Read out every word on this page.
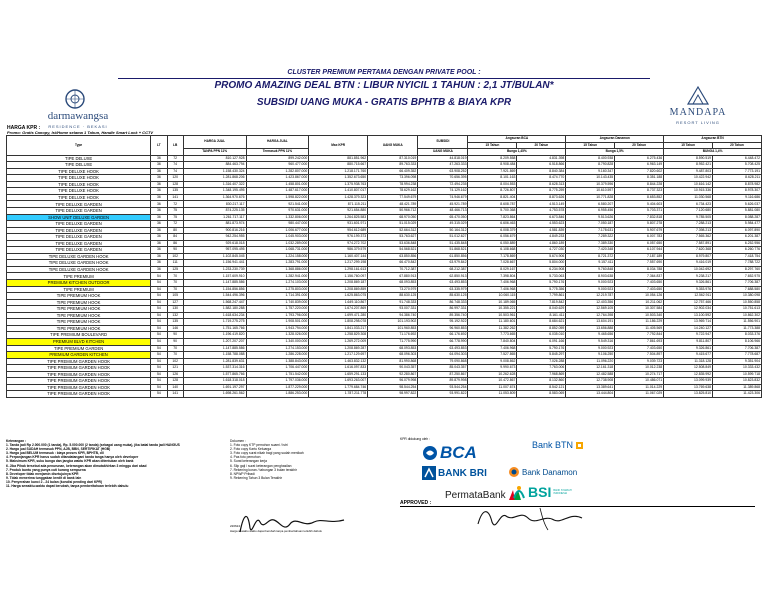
darmawangsa
RESIDENCE · BEKASI
MANDAPA
RESORT LIVING
CLUSTER PREMIUM PERTAMA DENGAN PRIVATE POOL :
PROMO AMAZING DEAL BTN : LIBUR NYICIL 1 TAHUN : 2,1 JT/BULAN*
SUBSIDI UANG MUKA - GRATIS BPHTB & BIAYA KPR
HARGA KPR :
Promo: Gratis Canopy, Isi/Home selama 1 Tahun, Handle Smart Lock + CCTV
Type	LT	LB	HARGA JUAL	HARGA JUAL	Max KPR	UANG MUKA	SUBSIDI	Angsuran BCA		Angsuran Danamon		Angsuran BTN	
								15 Tahun	20 Tahun	15 Tahun	20 Tahun	15 Tahun	20 Tahun
			TANPA PPN 11%	Termasuk PPN 11%			UANG MUKA	Bunga 1,45%		Bunga 1,5%		BUNGA 1,4%	
TIPE DELUXE	36	72	810.127.928	899.242.000	881.851.962	87.310.019	44.818.019	8.209.558	4.831.398	8.400.938	6.275.436	8.590.519	6.448.472
TIPE DELUXE	36	74	884.463.794	960.477.000	880.715.667	89.763.333	47.263.333	8.908.484	6.518.866	8.790.828	6.963.149	8.952.421	5.708.425
TIPE DELUXE HOOK	36	74	1.158.430.324	1.282.807.000	1.218.171.760	66.409.352	63.908.252	7.921.869	8.840.384	9.160.347	7.820.602	9.487.803	7.773.191
TIPE DELUXE HOOK	36	120	1.281.868.206	1.423.867.000	1.352.673.650	73.396.098	70.656.395	8.101.163	8.474.770	10.143.435	8.351.188	10.422.942	8.628.211
TIPE DELUXE HOOK	36	128	1.316.407.322	1.458.801.000	1.375.938.763	78.994.238	72.494.235	8.004.553	8.628.313	10.379.596	8.844.228	10.616.142	8.878.982
TIPE DELUXE HOOK	36	135	1.348.195.495	1.487.617.000	1.410.807.017	78.629.162	74.129.162	8.726.807	8.775.259	10.610.597	8.737.323	10.915.336	8.978.307
TIPE DELUXE HOOK	36	141	1.364.970.676	1.598.822.000	1.428.379.323	77.549.679	74.946.679	8.821.404	8.873.626	10.771.828	8.653.852	11.030.568	9.116.686
TIPE DELUXE GARDEN	36	72	830.217.117	921.541.000	871.115.211	48.421.789	45.921.789	8.608.787	4.513.149	6.580.207	5.404.603	6.734.423	5.626.037
TIPE DELUXE GARDEN	36	75	874.225.135	970.631.000	921.654.880	50.966.712	48.466.713	5.700.368	4.753.578	6.955.456	5.703.371	7.120.680	5.881.080
SHOW UNIT DELUXE GARDEN	36	75	1.261.717.117	1.332.806.000	1.264.825.583	68.970.050	65.470.050	7.823.864	6.673.846	9.513.626	7.832.818	9.785.505	8.088.287
TIPE DELUXE GARDEN	36	72	881.873.974	980.447.000	931.601.971	51.015.029	49.315.029	6.606.463	4.553.623	7.050.187	5.807.278	7.288.213	5.984.477
TIPE DELUXE GARDEN	36	80	900.816.216	1.006.677.000	954.612.689	52.664.312	50.164.312	6.008.379	4.581.839	7.178.631	5.907.679	7.398.213	6.097.890
TIPE DELUXE GARDEN	36	84	942.254.955	1.045.903.000	976.199.373	53.763.627	51.012.627	6.056.679	4.849.233	7.289.322	6.007.783	7.565.362	6.201.387
TIPE DELUXE GARDEN	36	86	929.618.018	1.032.289.000	974.272.702	53.636.848	51.435.848	6.050.889	4.860.189	7.389.330	6.057.650	7.587.891	6.252.956
TIPE DELUXE GARDEN	36	90	957.095.495	1.068.731.000	986.379.579	54.568.521	51.868.521	6.108.668	4.727.030	7.420.348	6.107.944	7.620.368	6.260.776
TIPE DELUXE GARDEN HOOK	36	102	1.102.845.045	1.224.158.000	1.160.407.144	63.850.856	61.850.856	7.178.869	5.674.906	8.721.372	7.187.189	8.979.807	7.418.754
TIPE DELUXE GARDEN HOOK	36	111	1.156.941.441	1.283.791.000	1.217.299.198	66.470.842	63.979.842	7.028.667	5.804.000	9.157.411	7.557.690	9.416.019	7.788.722
TIPE DELUXE GARDEN HOOK	36	125	1.233.230.739	1.368.886.000	1.298.161.613	70.712.387	68.212.387	8.029.167	6.234.908	9.760.848	8.034.788	10.042.692	8.297.760
TIPE PREMIUM	54	70	1.157.609.910	1.282.941.000	1.156.760.097	67.880.913	62.850.913	7.398.804	5.733.063	8.903.638	7.364.837	9.238.217	7.652.975
PREMIUM KITCHEN OUTDOOR	54	70	1.147.885.586	1.274.103.000	1.208.869.187	68.093.853	63.493.853	7.406.968	5.790.176	9.000.923	7.403.650	9.326.861	7.706.387
TIPE PREMIUM	54	70	1.154.856.856	1.275.803.000	1.208.869.859	73.270.979	63.335.979	7.406.968	5.775.356	9.000.923	7.403.650	9.353.976	7.688.580
TIPE PREMIUM HOOK	54	105	1.544.496.396	1.714.391.000	1.625.863.075	88.630.125	85.630.125	10.060.115	7.799.861	12.219.787	10.054.126	12.562.911	10.380.098
TIPE PREMIUM HOOK	54	127	1.568.247.447	1.740.839.000	1.649.110.867	91.748.333	86.748.333	10.189.065	7.819.842	12.403.356	10.211.062	12.757.466	10.550.858
TIPE PREMIUM HOOK	54	130	1.582.180.288	1.757.220.000	1.674.207.869	93.007.331	86.997.331	10.355.221	8.040.629	12.569.105	10.307.584	12.902.034	10.751.613
TIPE PREMIUM HOOK	54	132	1.618.634.234	1.793.796.000	1.699.471.280	94.386.740	89.356.740	10.503.961	8.161.411	12.764.398	10.503.340	13.100.592	10.862.302
TIPE PREMIUM HOOK	54	135	1.719.275.275	1.908.501.000	1.808.298.078	101.193.902	95.192.922	11.180.601	8.684.621	13.604.191	11.186.229	13.969.714	11.556.901
TIPE PREMIUM HOOK	54	146	1.751.165.766	1.943.794.000	1.841.033.217	101.960.853	96.960.853	11.382.262	8.852.059	13.656.888	11.405.569	14.240.127	11.773.388
TIPE PREMIUM BOULEVARD	54	90	1.196.419.820	1.328.026.000	1.258.829.308	71.176.692	66.176.692	7.773.665	6.035.010	9.465.656	7.792.844	9.722.947	8.033.376
PREMIUM BLVD KITCHEN	54	90	1.207.207.207	1.340.000.000	1.269.272.009	71.775.990	66.778.990	7.840.804	6.091.166	9.549.316	7.861.693	9.811.807	8.106.966
TIPE PREMIUM GARDEN	54	70	1.147.885.586	1.274.153.000	1.208.869.287	68.093.853	63.493.853	7.406.968	5.790.176	9.000.923	7.403.650	9.326.861	7.706.387
PREMIUM GARDEN KITCHEN	54	70	1.158.788.088	1.286.228.000	1.217.129.697	68.096.303	64.094.303	7.527.865	5.845.297	9.106.250	7.504.897	9.415.677	7.778.687
TIPE PREMIUM GARDEN HOOK	54	102	1.281.839.631	1.388.843.000	1.463.832.132	81.990.868	79.090.868	9.008.862	7.026.288	11.096.220	9.039.723	11.318.128	9.351.904
TIPE PREMIUM GARDEN HOOK	54	121	1.537.314.316	1.706.447.000	1.616.097.833	90.043.357	85.043.357	9.990.673	7.763.006	12.161.318	10.012.238	12.508.849	10.333.432
TIPE PREMIUM GARDEN HOOK	54	126	1.577.865.766	1.751.542.000	1.659.291.133	92.280.867	87.250.867	10.262.628	7.968.869	12.482.588	10.274.717	12.835.992	10.599.718
TIPE PREMIUM GARDEN HOOK	54	128	1.618.318.018	1.797.036.000	1.693.263.007	96.079.998	89.879.998	10.472.867	8.132.860	12.738.908	10.486.071	13.099.939	10.823.832
TIPE PREMIUM GARDEN HOOK	54	140	1.691.197.297	1.877.229.000	1.779.684.746	98.544.254	93.544.254	11.007.674	8.542.121	13.389.641	11.014.229	13.769.638	11.389.868
TIPE PREMIUM GARDEN HOOK	54	141	1.698.261.562	1.886.253.000	1.787.211.778	98.997.822	93.991.822	11.053.809	8.583.069	13.444.804	11.067.029	13.825.810	11.423.306
Keterangan :
1. Tanda jadi Rp 2.000.000 (1 tanda), Rp. 5.000.000 (2 tanda) (sebagai uang muka), jika batal tanda jadi HANGUS
2. Harga jual SUDAH termasuk PPN, AJB, BBN, SERTIFIKAT (HGB)
3. Harga jual BELUM termasuk : biaya proses KPR, BPHTB, dll
4. Perpanjangan KPR harus sudah ditandatangani tanda tanga hanya oleh developer
5. Maksimum KPR, suku bunga dan jangka waktu KPR akan ditentukan oleh bank
6. Jika Pihak tersebut ada penurunan, keterangan akan dimutakhirkan 3 minggu dari akad
7. Produk buntu yang punya cuti kurang sempurna
8. Developer tidak menjamin disetujuinya KPR
9. Tidak menerima tunggakan kredit di bank lain
10. Penyerahan kunci 2 - 24 bulan (kondisi pending dari KPR)
11. Harga sewaktu-waktu dapat berubah, tanpa pemberitahuan terlebih dahulu
Dokumen :
1. Foto copy KTP pemohon suami / istri
2. Foto copy Kartu Keluarga
3. Foto copy surat nikah bagi yang sudah menikah
4. Pas foto pemohon
5. Surat keterangan kerja
6. Slip gaji / surat keterangan penghasilan
7. Rekening koran / tabungan 3 bulan terakhir
8. NPWP Pribadi
9. Rekening Tahun 3 Bulan Terakhir
KPR didukung oleh :
BCA	Bank BTN
BANK BRI	Bank Danamon
PermataBank BSI BANK SYARIAH INDONESIA
APPROVED :
220624
Harga sewaktu waktu dapat berubah tanpa pemberitahuan terlebih dahulu
